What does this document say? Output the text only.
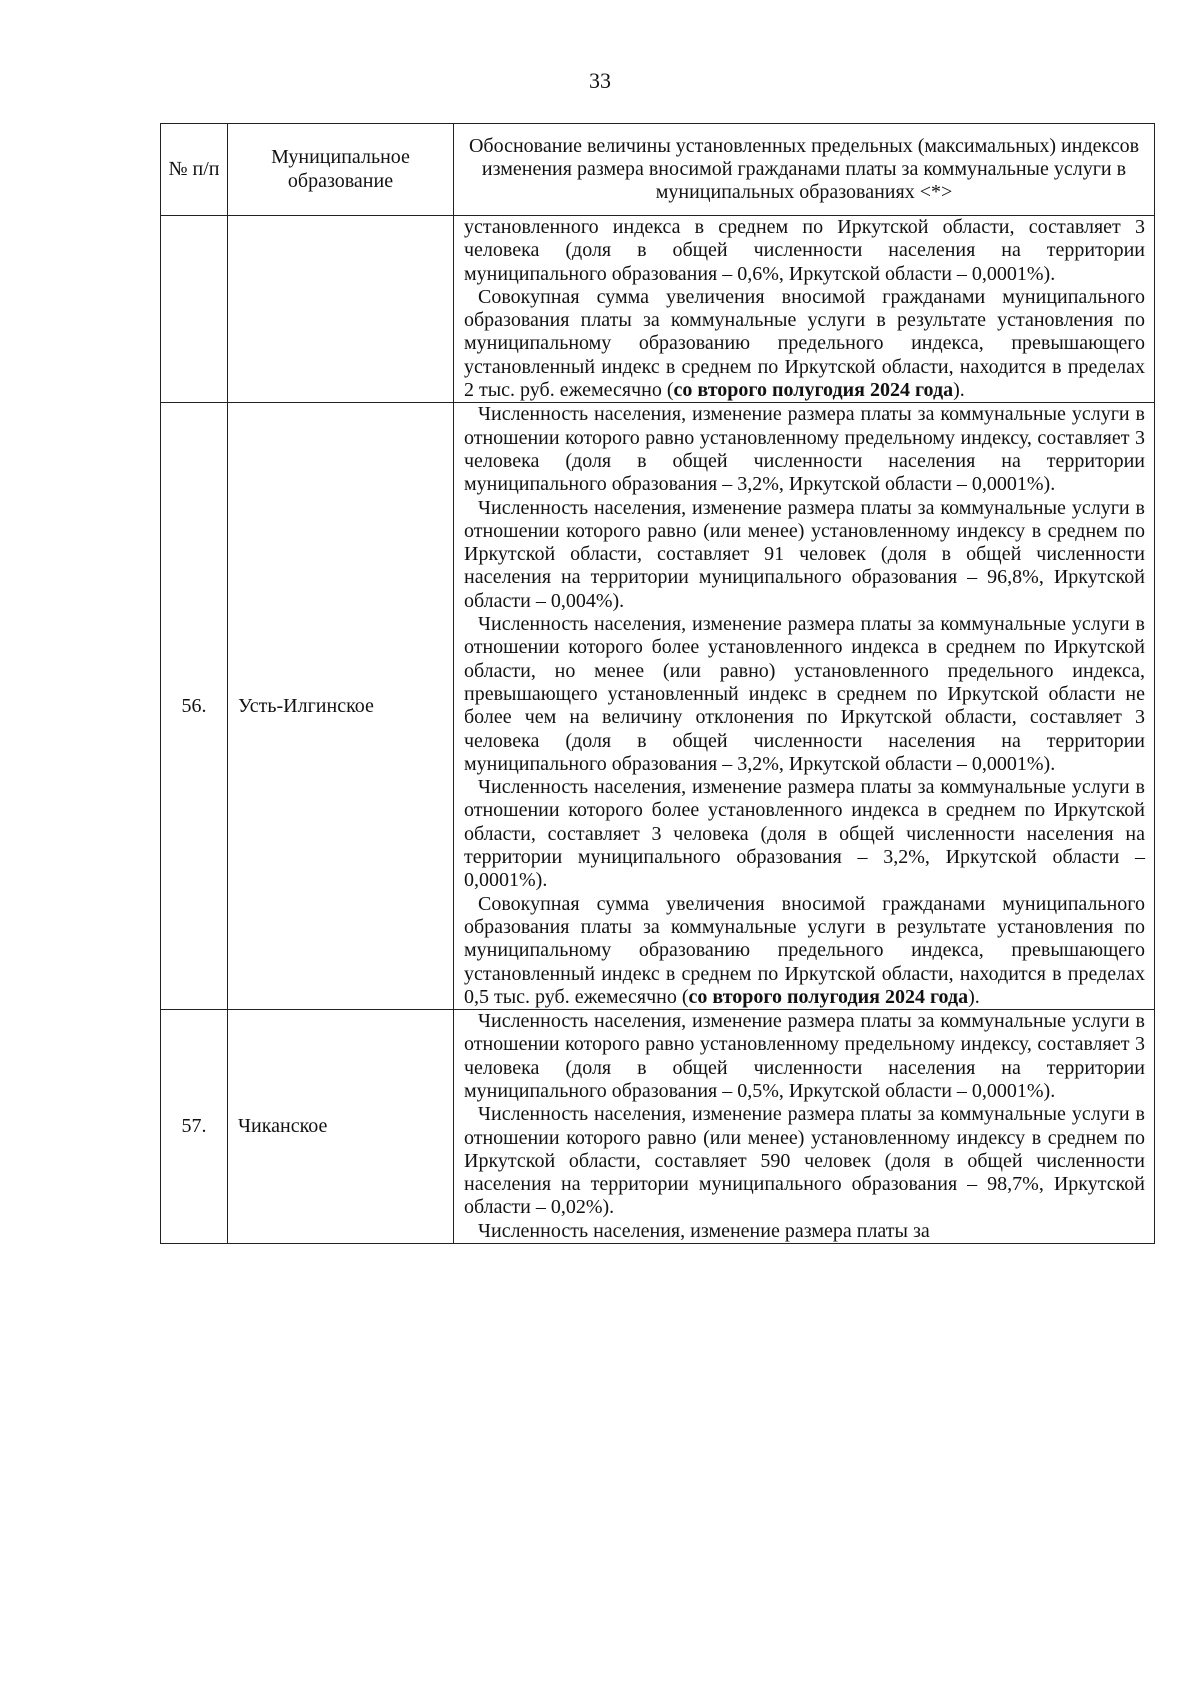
33
№ п/п	Муниципальное образование	Обоснование величины установленных предельных (максимальных) индексов изменения размера вносимой гражданами платы за коммунальные услуги в муниципальных образованиях <*>

		установленного индекса в среднем по Иркутской области, составляет 3 человека (доля в общей численности населения на территории муниципального образования – 0,6%, Иркутской области – 0,0001%).

Совокупная сумма увеличения вносимой гражданами муниципального образования платы за коммунальные услуги в результате установления по муниципальному образованию предельного индекса, превышающего установленный индекс в среднем по Иркутской области, находится в пределах 2 тыс. руб. ежемесячно (со второго полугодия 2024 года).

56.	Усть-Илгинское	Численность населения, изменение размера платы за коммунальные услуги в отношении которого равно установленному предельному индексу, составляет 3 человека (доля в общей численности населения на территории муниципального образования – 3,2%, Иркутской области – 0,0001%).

Численность населения, изменение размера платы за коммунальные услуги в отношении которого равно (или менее) установленному индексу в среднем по Иркутской области, составляет 91 человек (доля в общей численности населения на территории муниципального образования – 96,8%, Иркутской области – 0,004%).

Численность населения, изменение размера платы за коммунальные услуги в отношении которого более установленного индекса в среднем по Иркутской области, но менее (или равно) установленного предельного индекса, превышающего установленный индекс в среднем по Иркутской области не более чем на величину отклонения по Иркутской области, составляет 3 человека (доля в общей численности населения на территории муниципального образования – 3,2%, Иркутской области – 0,0001%).

Численность населения, изменение размера платы за коммунальные услуги в отношении которого более установленного индекса в среднем по Иркутской области, составляет 3 человека (доля в общей численности населения на территории муниципального образования – 3,2%, Иркутской области – 0,0001%).

Совокупная сумма увеличения вносимой гражданами муниципального образования платы за коммунальные услуги в результате установления по муниципальному образованию предельного индекса, превышающего установленный индекс в среднем по Иркутской области, находится в пределах 0,5 тыс. руб. ежемесячно (со второго полугодия 2024 года).

57.	Чиканское	Численность населения, изменение размера платы за коммунальные услуги в отношении которого равно установленному предельному индексу, составляет 3 человека (доля в общей численности населения на территории муниципального образования – 0,5%, Иркутской области – 0,0001%).

Численность населения, изменение размера платы за коммунальные услуги в отношении которого равно (или менее) установленному индексу в среднем по Иркутской области, составляет 590 человек (доля в общей численности населения на территории муниципального образования – 98,7%, Иркутской области – 0,02%).

Численность населения, изменение размера платы за
